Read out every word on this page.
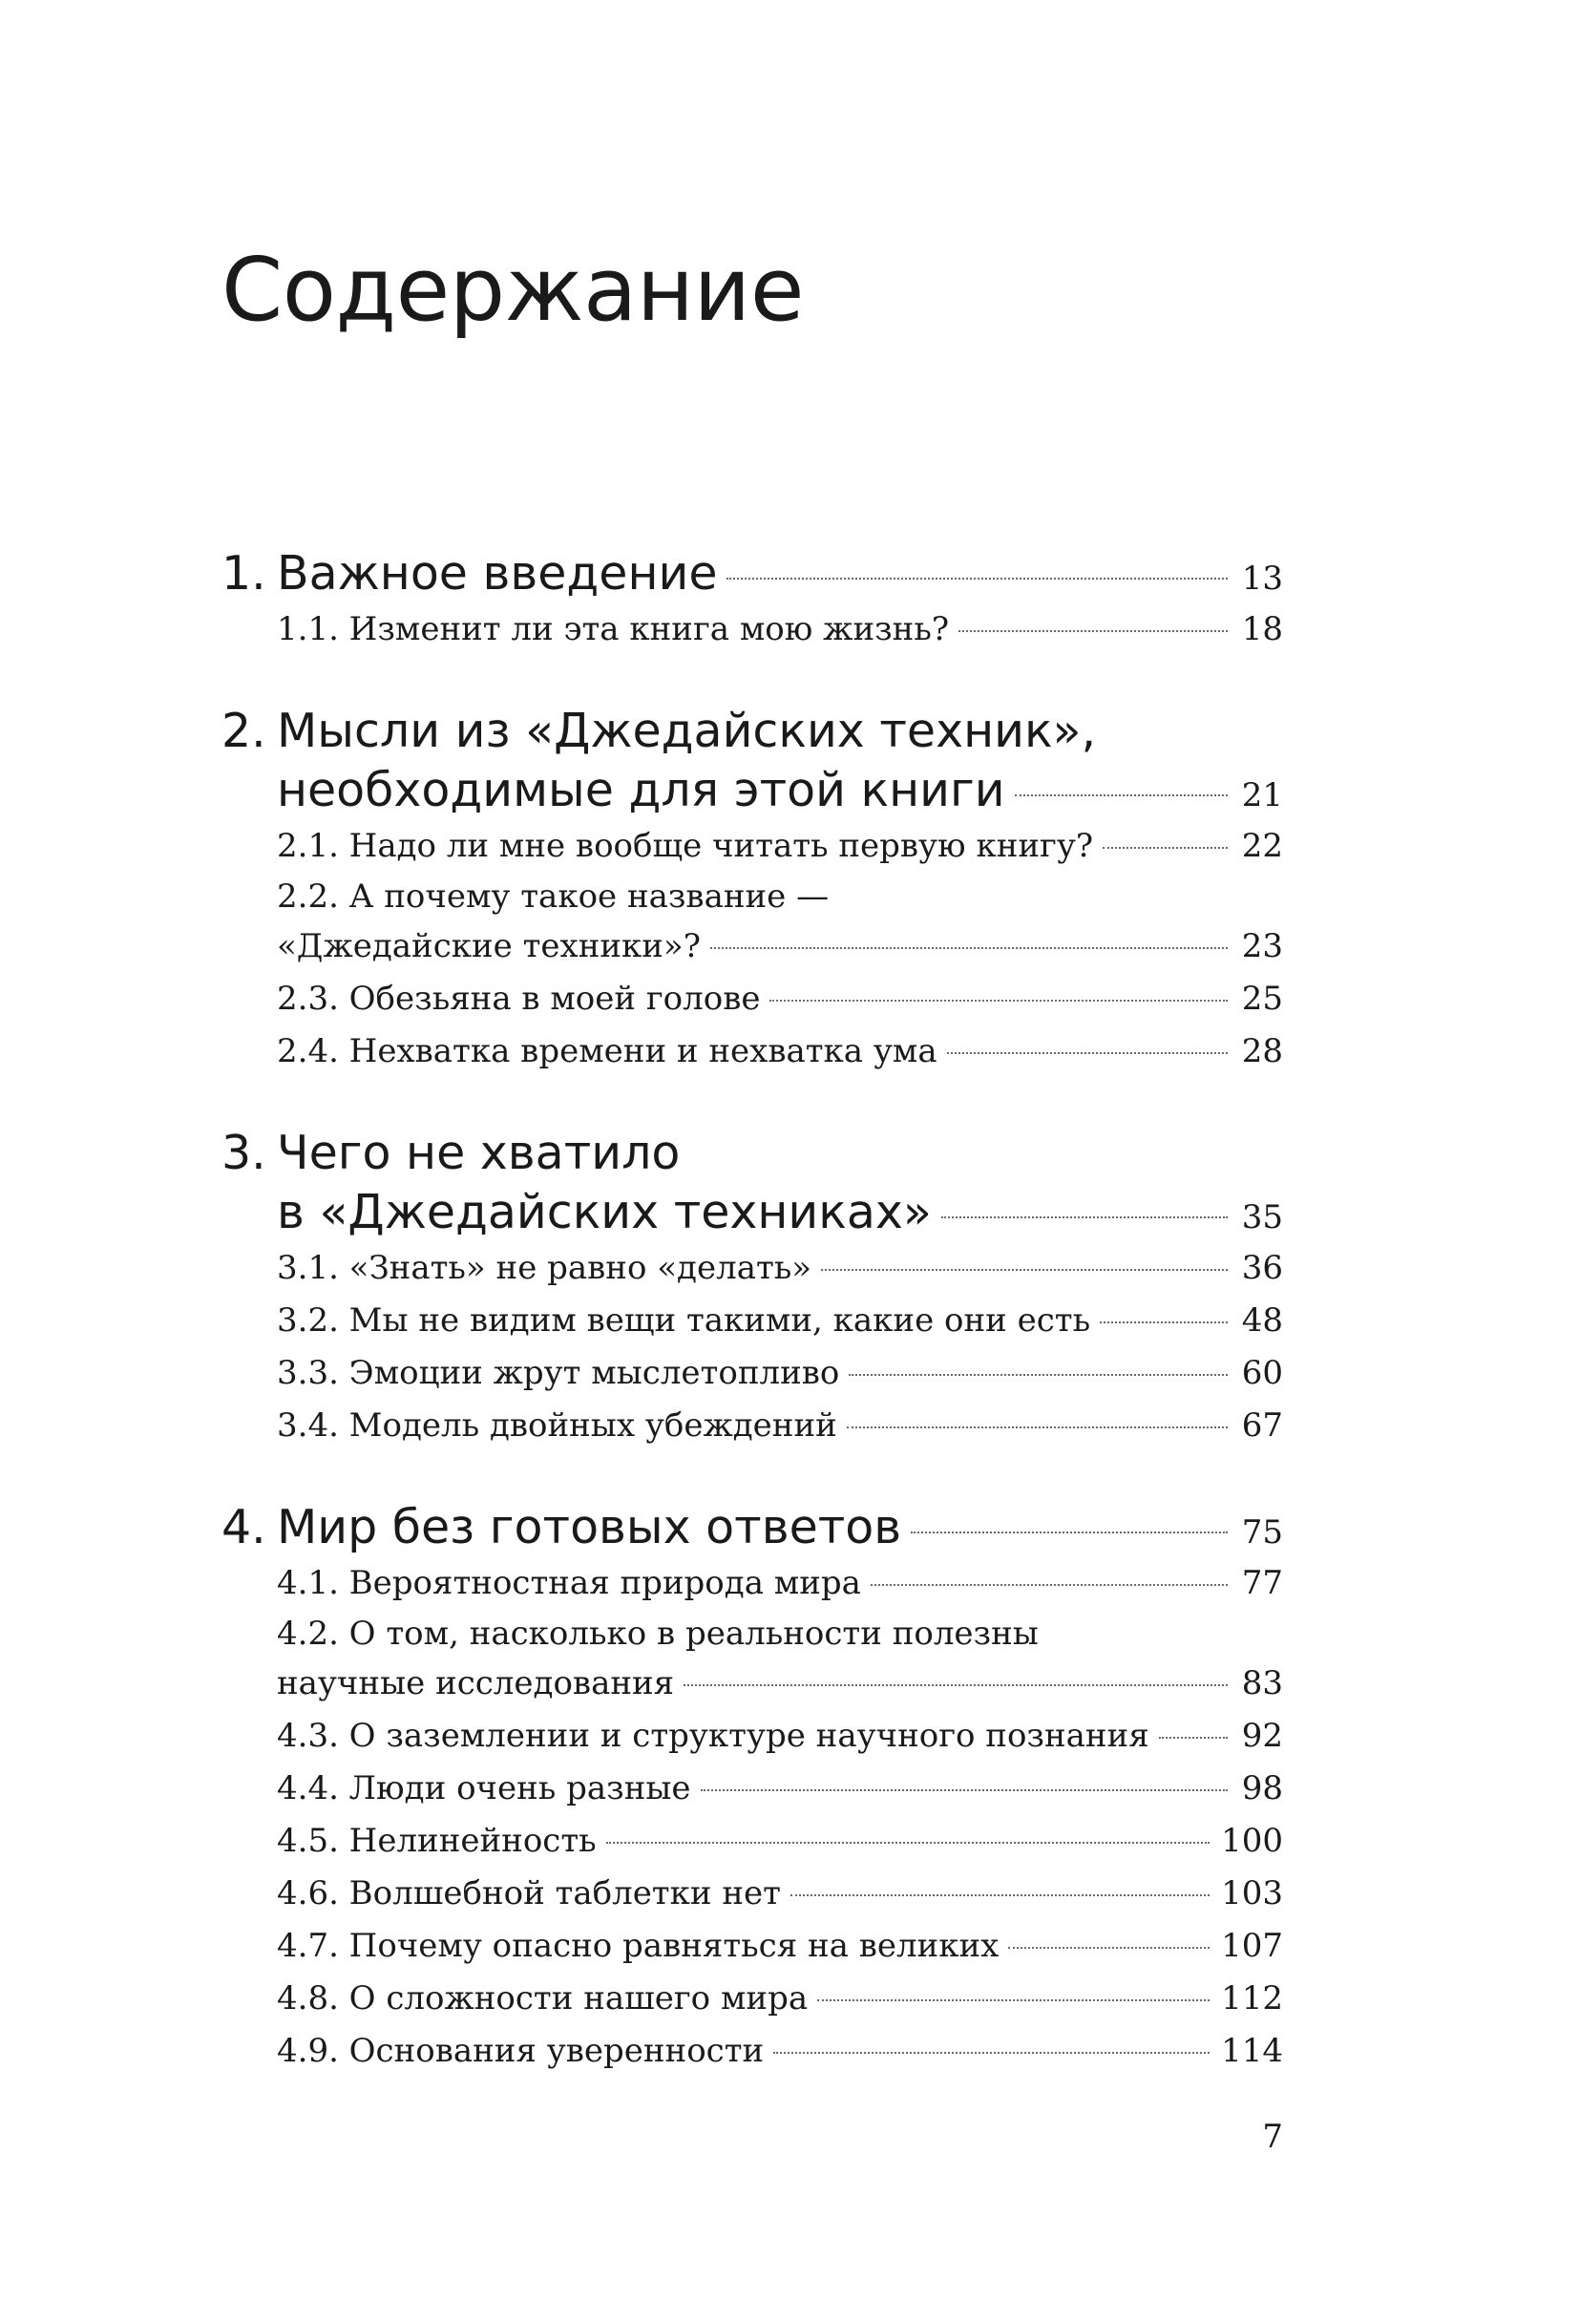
Содержание
1. Важное введение	13
1.1. Изменит ли эта книга мою жизнь?	18
2. Мысли из «Джедайских техник»,
необходимые для этой книги	21
2.1. Надо ли мне вообще читать первую книгу?	22
2.2. А почему такое название —
«Джедайские техники»?	23
2.3. Обезьяна в моей голове	25
2.4. Нехватка времени и нехватка ума	28
3. Чего не хватило
в «Джедайских техниках»	35
3.1. «Знать» не равно «делать»	36
3.2. Мы не видим вещи такими, какие они есть	48
3.3. Эмоции жрут мыслетопливо	60
3.4. Модель двойных убеждений	67
4. Мир без готовых ответов	75
4.1. Вероятностная природа мира	77
4.2. О том, насколько в реальности полезны
научные исследования	83
4.3. О заземлении и структуре научного познания	92
4.4. Люди очень разные	98
4.5. Нелинейность	100
4.6. Волшебной таблетки нет	103
4.7. Почему опасно равняться на великих	107
4.8. О сложности нашего мира	112
4.9. Основания уверенности	114
7
